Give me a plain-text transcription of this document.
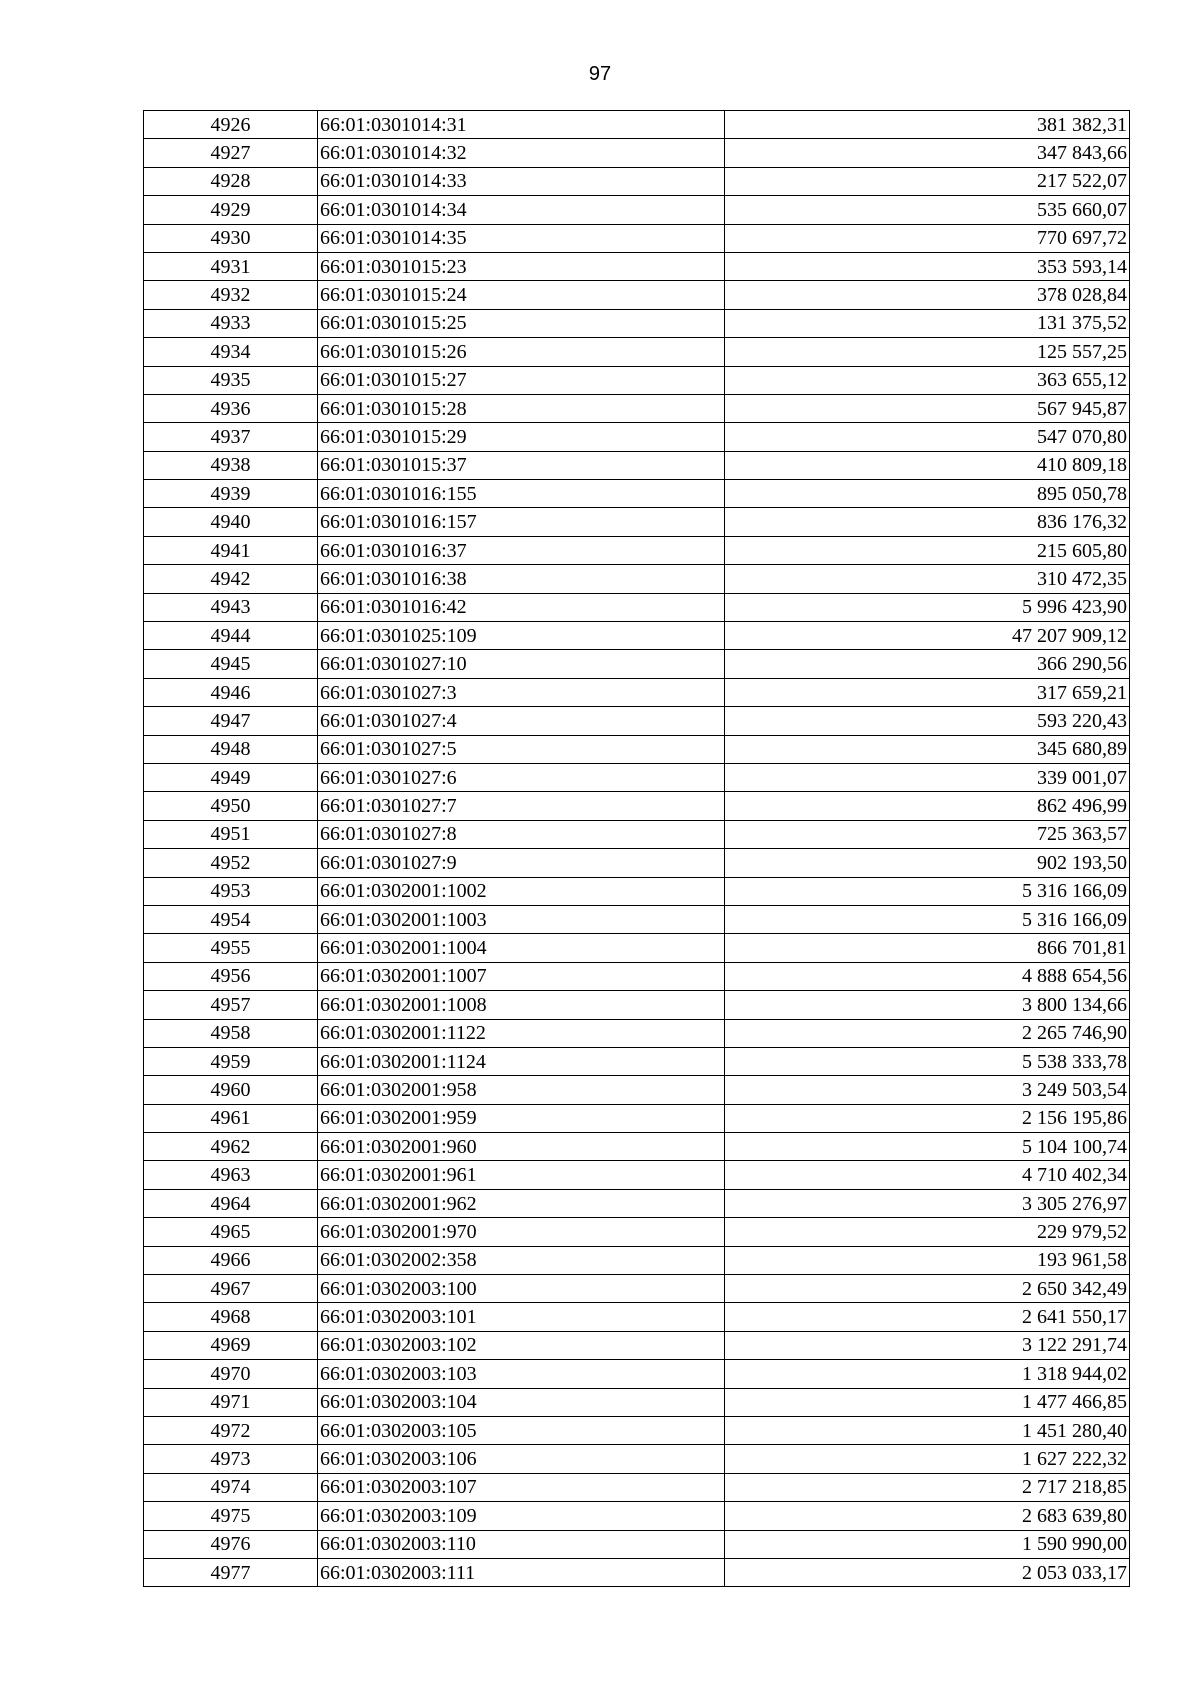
97
4926	66:01:0301014:31	381 382,31
4927	66:01:0301014:32	347 843,66
4928	66:01:0301014:33	217 522,07
4929	66:01:0301014:34	535 660,07
4930	66:01:0301014:35	770 697,72
4931	66:01:0301015:23	353 593,14
4932	66:01:0301015:24	378 028,84
4933	66:01:0301015:25	131 375,52
4934	66:01:0301015:26	125 557,25
4935	66:01:0301015:27	363 655,12
4936	66:01:0301015:28	567 945,87
4937	66:01:0301015:29	547 070,80
4938	66:01:0301015:37	410 809,18
4939	66:01:0301016:155	895 050,78
4940	66:01:0301016:157	836 176,32
4941	66:01:0301016:37	215 605,80
4942	66:01:0301016:38	310 472,35
4943	66:01:0301016:42	5 996 423,90
4944	66:01:0301025:109	47 207 909,12
4945	66:01:0301027:10	366 290,56
4946	66:01:0301027:3	317 659,21
4947	66:01:0301027:4	593 220,43
4948	66:01:0301027:5	345 680,89
4949	66:01:0301027:6	339 001,07
4950	66:01:0301027:7	862 496,99
4951	66:01:0301027:8	725 363,57
4952	66:01:0301027:9	902 193,50
4953	66:01:0302001:1002	5 316 166,09
4954	66:01:0302001:1003	5 316 166,09
4955	66:01:0302001:1004	866 701,81
4956	66:01:0302001:1007	4 888 654,56
4957	66:01:0302001:1008	3 800 134,66
4958	66:01:0302001:1122	2 265 746,90
4959	66:01:0302001:1124	5 538 333,78
4960	66:01:0302001:958	3 249 503,54
4961	66:01:0302001:959	2 156 195,86
4962	66:01:0302001:960	5 104 100,74
4963	66:01:0302001:961	4 710 402,34
4964	66:01:0302001:962	3 305 276,97
4965	66:01:0302001:970	229 979,52
4966	66:01:0302002:358	193 961,58
4967	66:01:0302003:100	2 650 342,49
4968	66:01:0302003:101	2 641 550,17
4969	66:01:0302003:102	3 122 291,74
4970	66:01:0302003:103	1 318 944,02
4971	66:01:0302003:104	1 477 466,85
4972	66:01:0302003:105	1 451 280,40
4973	66:01:0302003:106	1 627 222,32
4974	66:01:0302003:107	2 717 218,85
4975	66:01:0302003:109	2 683 639,80
4976	66:01:0302003:110	1 590 990,00
4977	66:01:0302003:111	2 053 033,17
